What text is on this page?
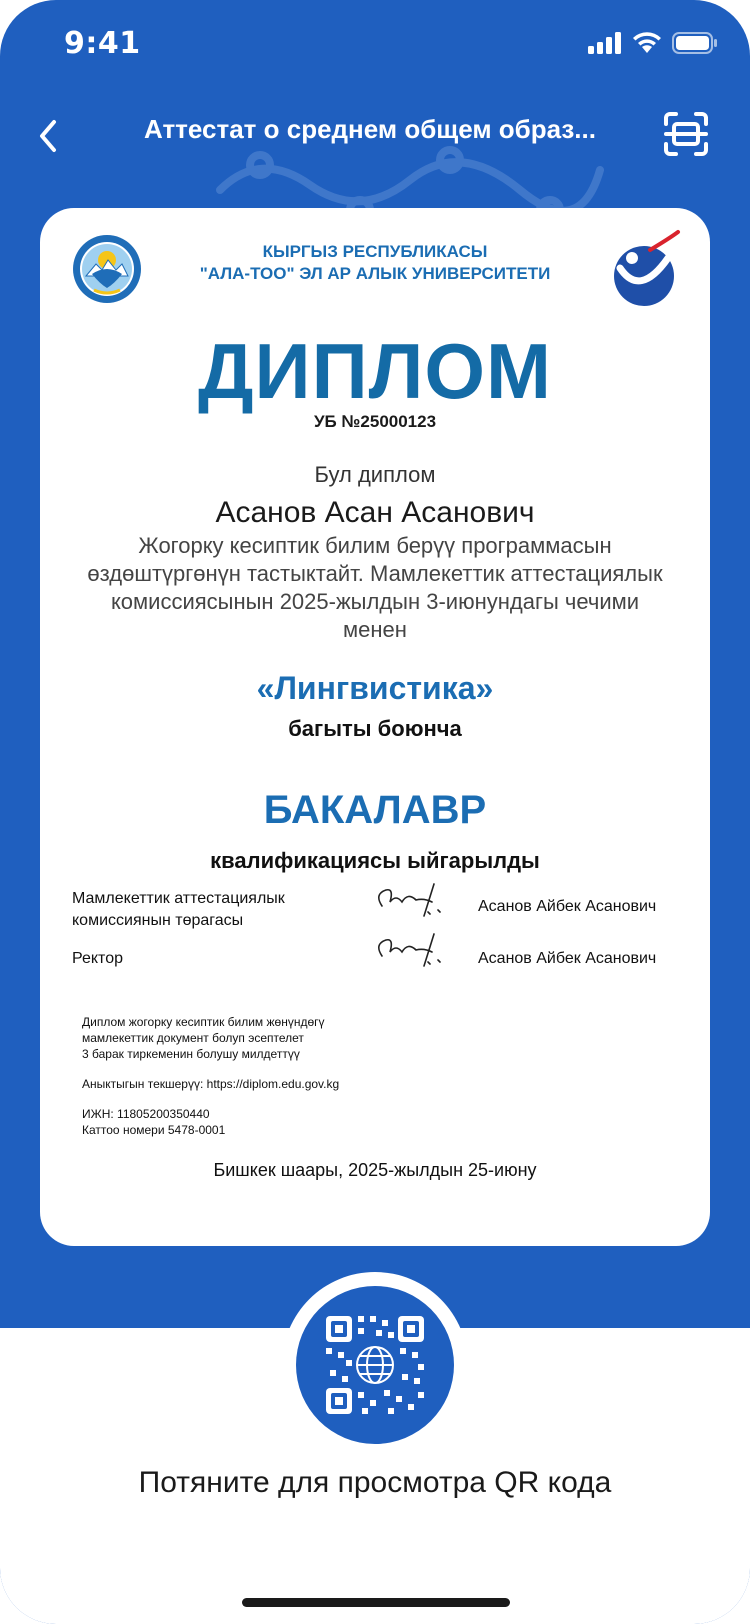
9:41
Аттестат о среднем общем образ...
КЫРГЫЗ РЕСПУБЛИКАСЫ
"АЛА-ТОО" ЭЛ АР АЛЫК УНИВЕРСИТЕТИ
ДИПЛОМ
УБ №25000123
Бул диплом
Асанов Асан Асанович
Жогорку кесиптик билим берүү программасын өздөштүргөнүн тастыктайт. Мамлекеттик аттестациялык комиссиясынын 2025-жылдын 3-июнундагы чечими менен
«Лингвистика»
багыты боюнча
БАКАЛАВР
квалификациясы ыйгарылды
Мамлекеттик аттестациялык
комиссиянын төрагасы
Асанов Айбек Асанович
Ректор	Асанов Айбек Асанович
Диплом жогорку кесиптик билим жөнүндөгү
мамлекеттик документ болуп эсептелет
3 барак тиркеменин болушу милдеттүү
Аныктыгын текшерүү: https://diplom.edu.gov.kg
ИЖН: 11805200350440
Каттоо номери 5478-0001
Бишкек шаары, 2025-жылдын 25-июну
Потяните для просмотра QR кода
